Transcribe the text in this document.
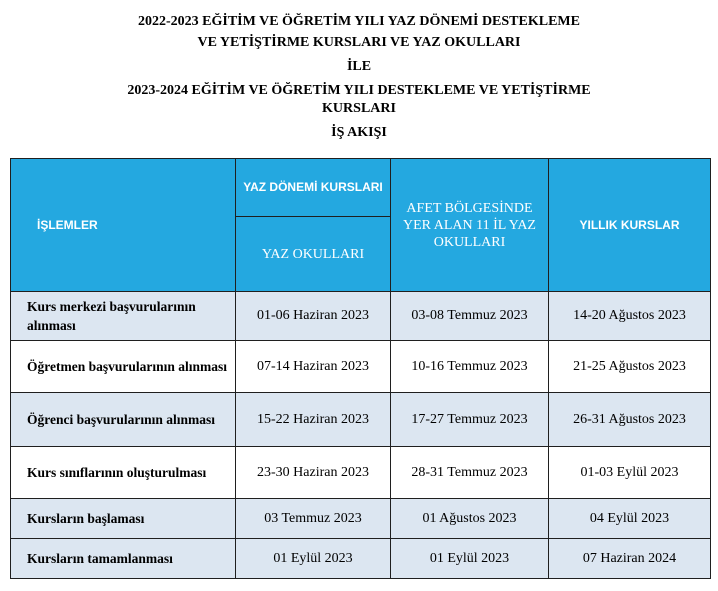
2022-2023 EĞİTİM VE ÖĞRETİM YILI YAZ DÖNEMİ DESTEKLEME
VE YETİŞTİRME KURSLARI VE YAZ OKULLARI
İLE
2023-2024 EĞİTİM VE ÖĞRETİM YILI DESTEKLEME VE YETİŞTİRME
KURSLARI
İŞ AKIŞI
İŞLEMLER	YAZ DÖNEMİ KURSLARI	AFET BÖLGESİNDE YER ALAN 11 İL YAZ OKULLARI	YILLIK KURSLAR
	YAZ OKULLARI		
Kurs merkezi başvurularının alınması	01-06 Haziran 2023	03-08 Temmuz 2023	14-20 Ağustos 2023
Öğretmen başvurularının alınması	07-14 Haziran 2023	10-16 Temmuz 2023	21-25 Ağustos 2023
Öğrenci başvurularının alınması	15-22 Haziran 2023	17-27 Temmuz 2023	26-31 Ağustos 2023
Kurs sınıflarının oluşturulması	23-30 Haziran 2023	28-31 Temmuz 2023	01-03 Eylül 2023
Kursların başlaması	03 Temmuz 2023	01 Ağustos 2023	04 Eylül 2023
Kursların tamamlanması	01 Eylül 2023	01 Eylül 2023	07 Haziran 2024
